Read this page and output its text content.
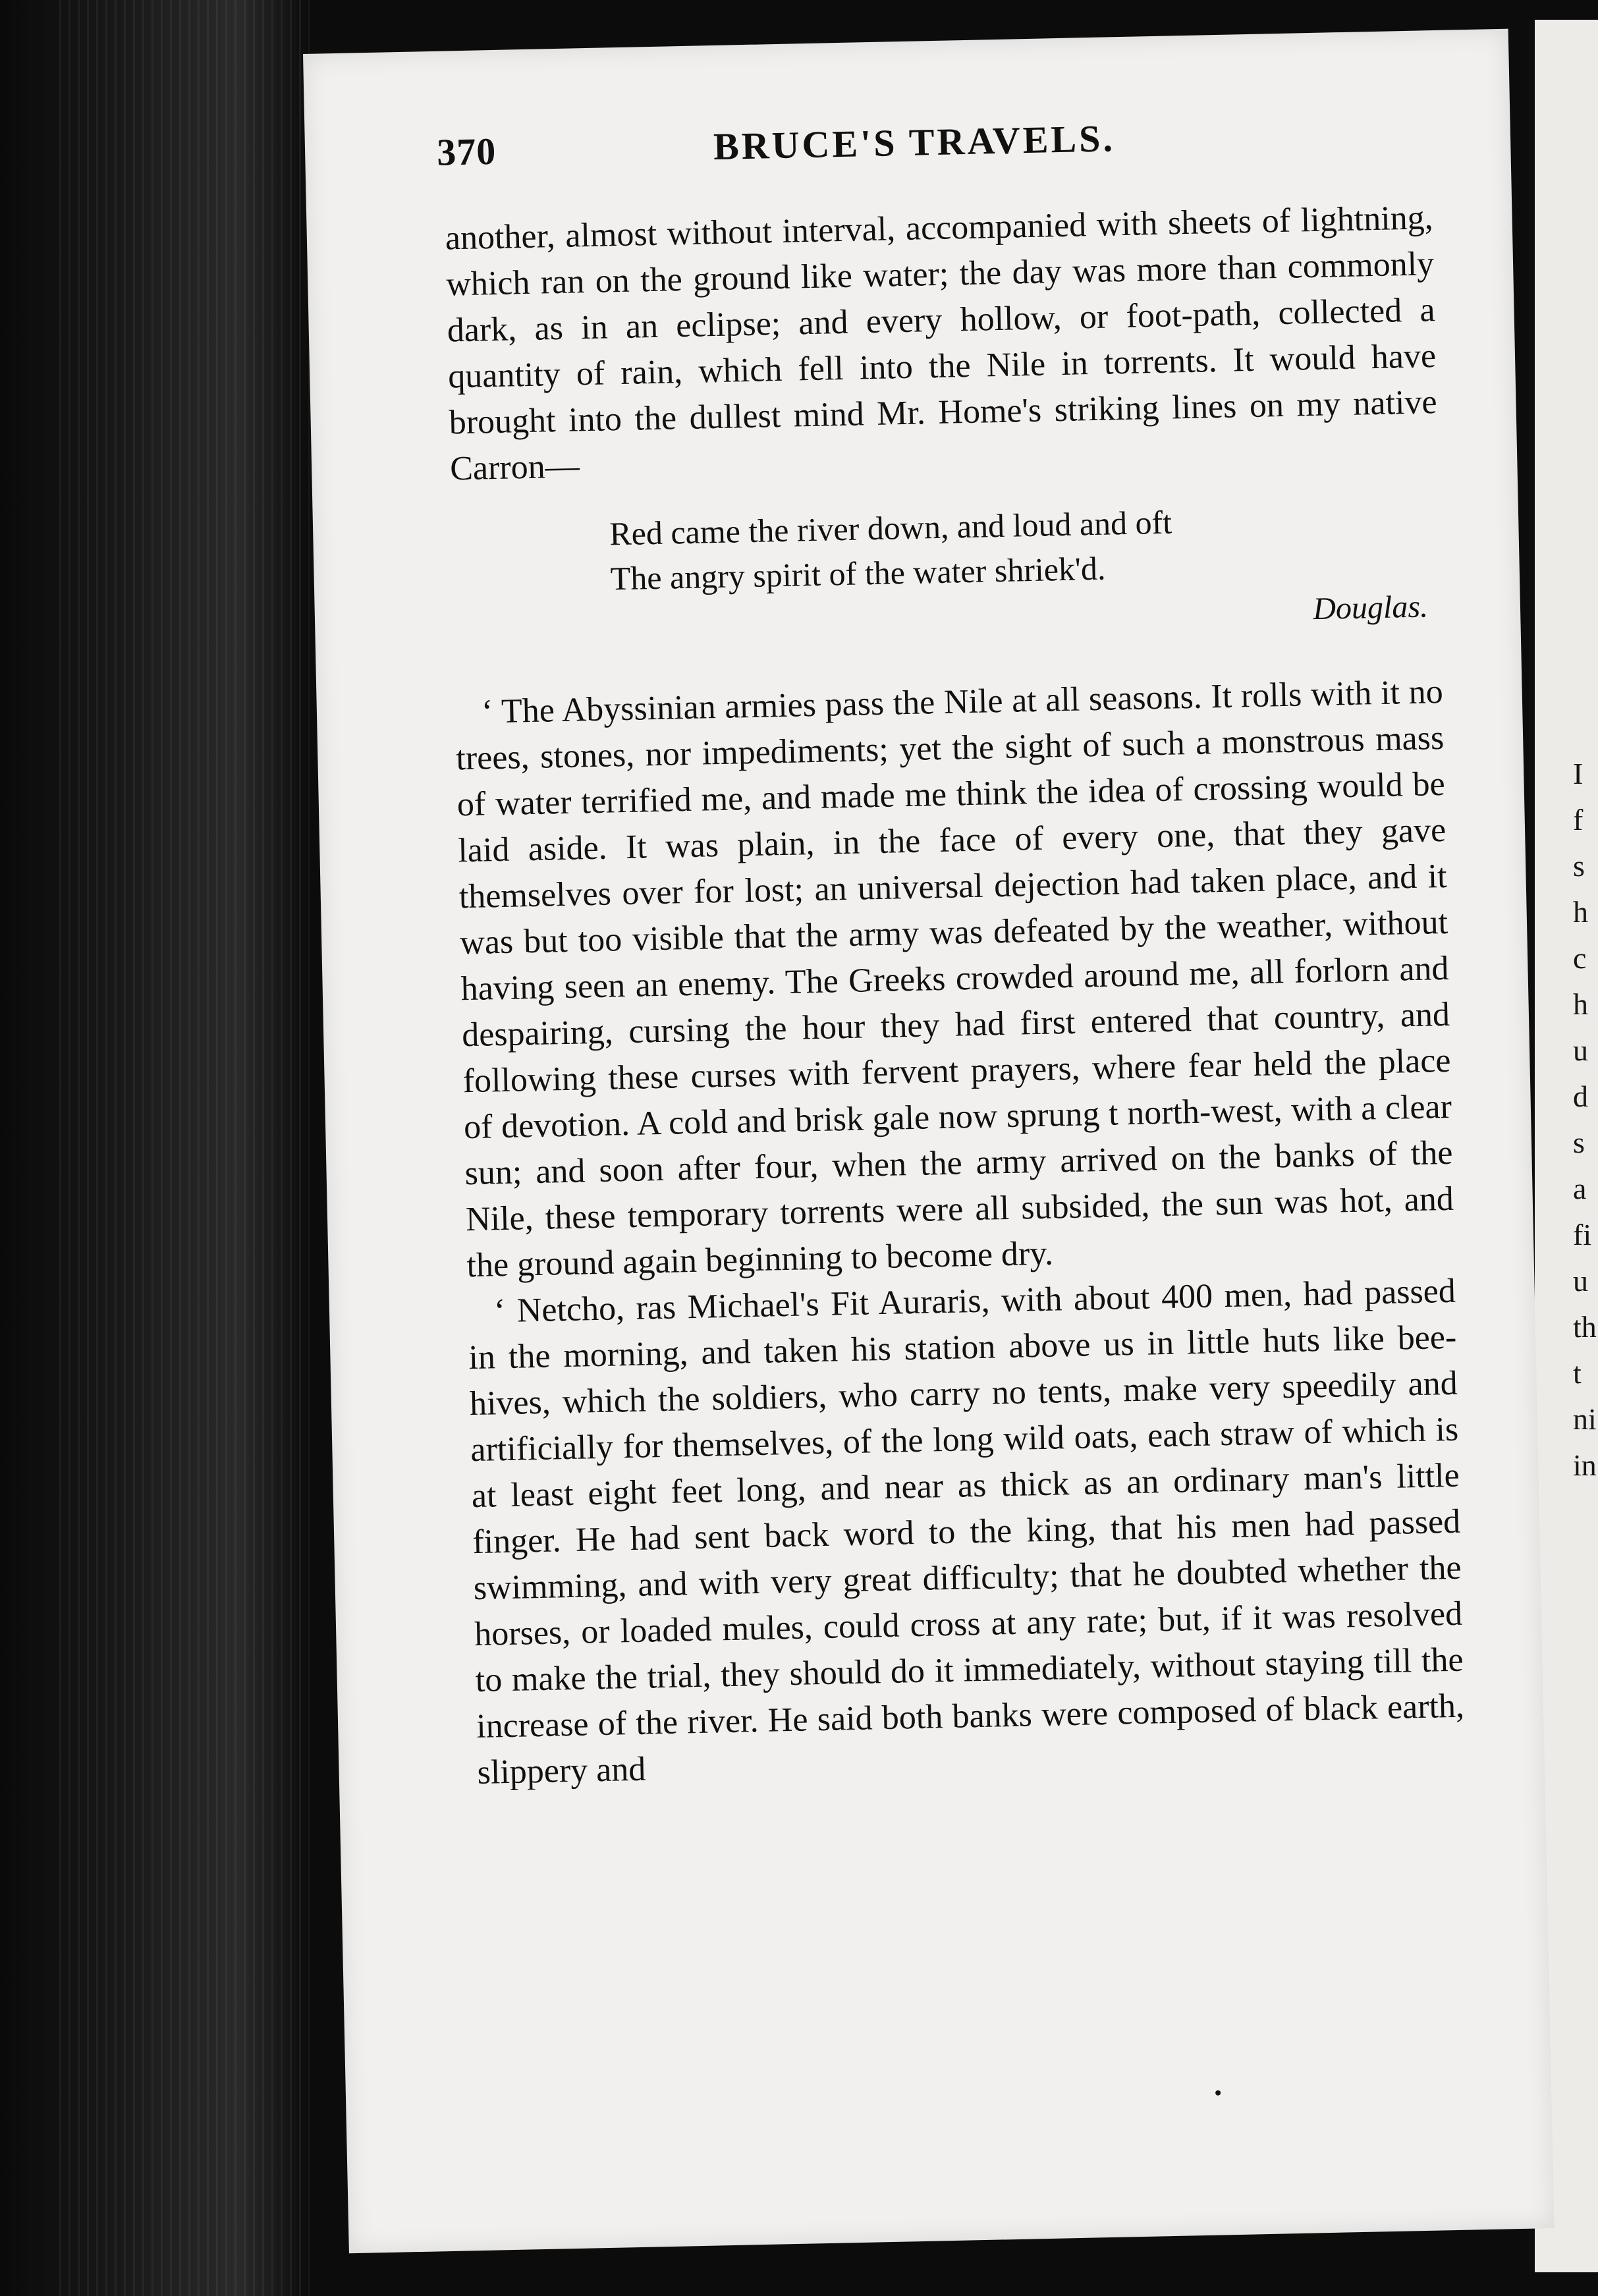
I
f
s
h
c
h
u
d
s
a
fi
u
th
t
ni
in
370	BRUCE'S TRAVELS.

another, almost without interval, accompanied with sheets of lightning, which ran on the ground like water; the day was more than commonly dark, as in an eclipse; and every hollow, or foot-path, collected a quantity of rain, which fell into the Nile in torrents. It would have brought into the dullest mind Mr. Home's striking lines on my native Carron—

Red came the river down, and loud and oft
The angry spirit of the water shriek'd.

Douglas.

‘ The Abyssinian armies pass the Nile at all seasons. It rolls with it no trees, stones, nor impediments; yet the sight of such a monstrous mass of water terrified me, and made me think the idea of crossing would be laid aside. It was plain, in the face of every one, that they gave themselves over for lost; an universal dejection had taken place, and it was but too visible that the army was defeated by the weather, without having seen an enemy. The Greeks crowded around me, all forlorn and despairing, cursing the hour they had first entered that country, and following these curses with fervent prayers, where fear held the place of devotion. A cold and brisk gale now sprung t north-west, with a clear sun; and soon after four, when the army arrived on the banks of the Nile, these temporary torrents were all subsided, the sun was hot, and the ground again beginning to become dry.

‘ Netcho, ras Michael's Fit Auraris, with about 400 men, had passed in the morning, and taken his station above us in little huts like bee-hives, which the soldiers, who carry no tents, make very speedily and artificially for themselves, of the long wild oats, each straw of which is at least eight feet long, and near as thick as an ordinary man's little finger. He had sent back word to the king, that his men had passed swimming, and with very great difficulty; that he doubted whether the horses, or loaded mules, could cross at any rate; but, if it was resolved to make the trial, they should do it immediately, without staying till the increase of the river. He said both banks were composed of black earth, slippery and
